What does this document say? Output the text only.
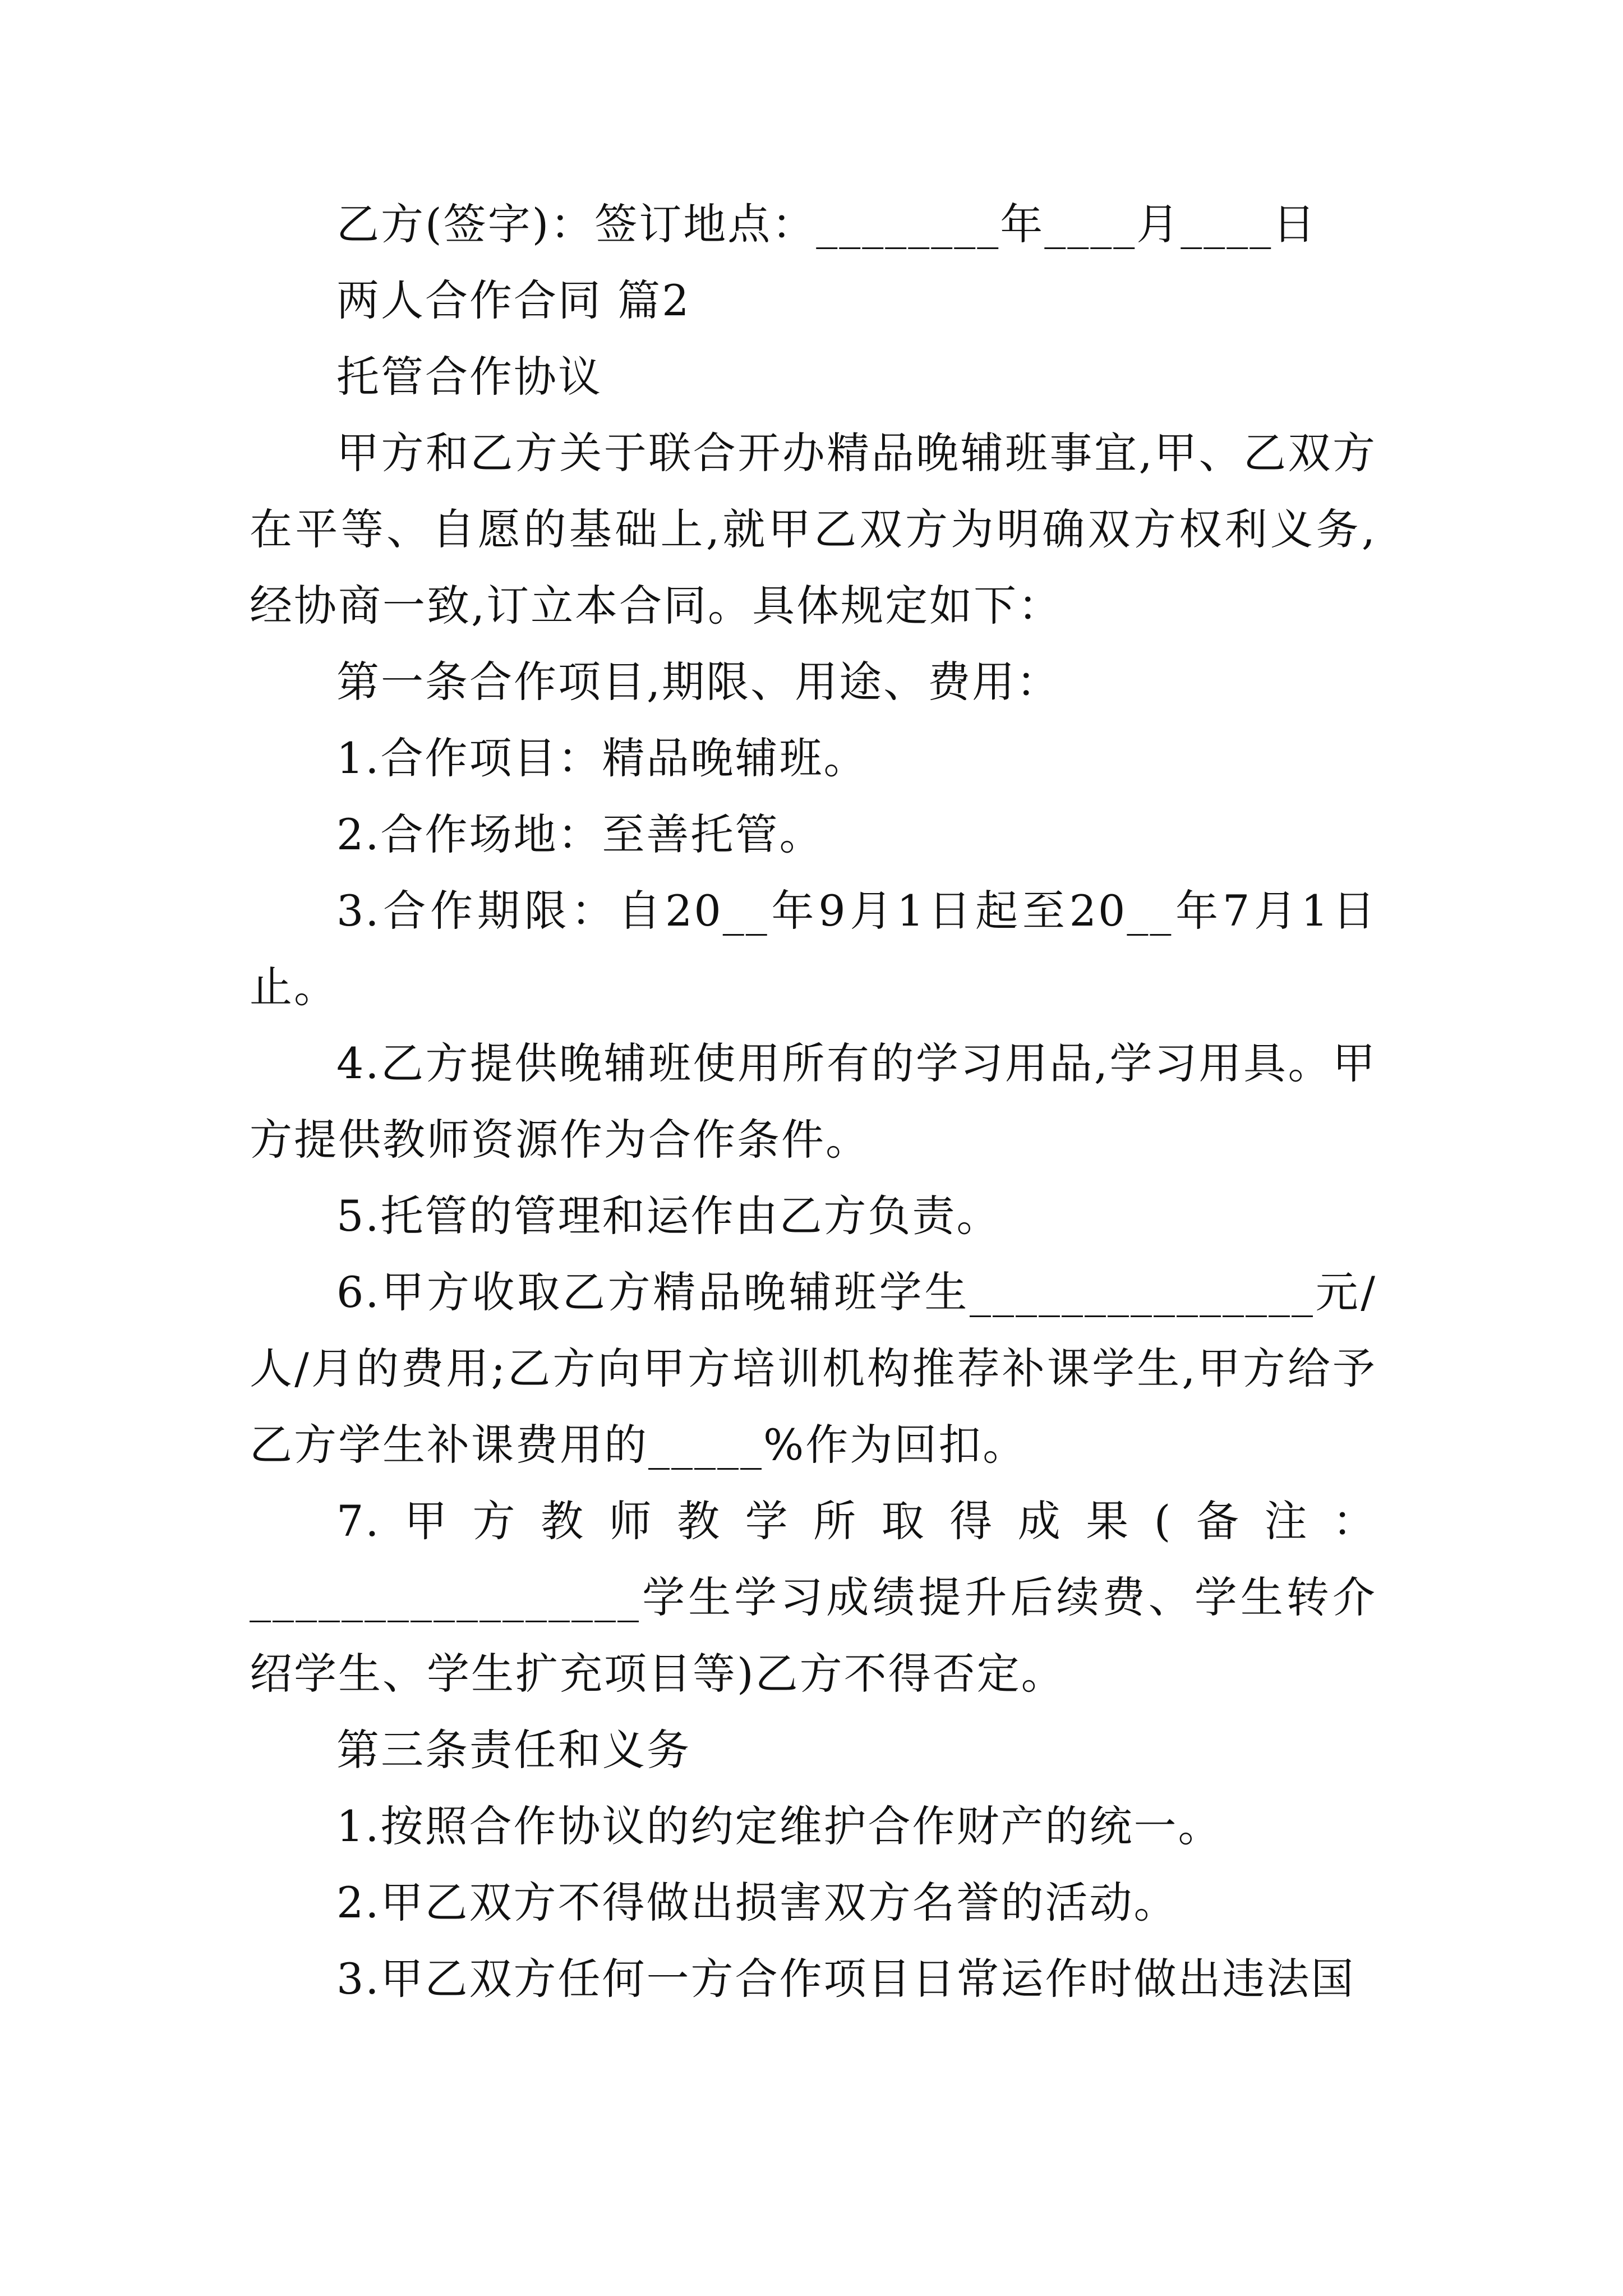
乙方(签字)：签订地点：________年____月____日

两人合作合同 篇2

托管合作协议

甲方和乙方关于联合开办精品晚辅班事宜,甲、乙双方在平等、自愿的基础上,就甲乙双方为明确双方权利义务,经协商一致,订立本合同。具体规定如下：

第一条合作项目,期限、用途、费用：

1.合作项目：精品晚辅班。

2.合作场地：至善托管。

3.合作期限：自20__年9月1日起至20__年7月1日止。

4.乙方提供晚辅班使用所有的学习用品,学习用具。甲方提供教师资源作为合作条件。

5.托管的管理和运作由乙方负责。

6.甲方收取乙方精品晚辅班学生_______________元/人/月的费用;乙方向甲方培训机构推荐补课学生,甲方给予乙方学生补课费用的_____%作为回扣。

7.甲方教师教学所取得成果(备注：_________________学生学习成绩提升后续费、学生转介绍学生、学生扩充项目等)乙方不得否定。

第三条责任和义务

1.按照合作协议的约定维护合作财产的统一。

2.甲乙双方不得做出损害双方名誉的活动。

3.甲乙双方任何一方合作项目日常运作时做出违法国
